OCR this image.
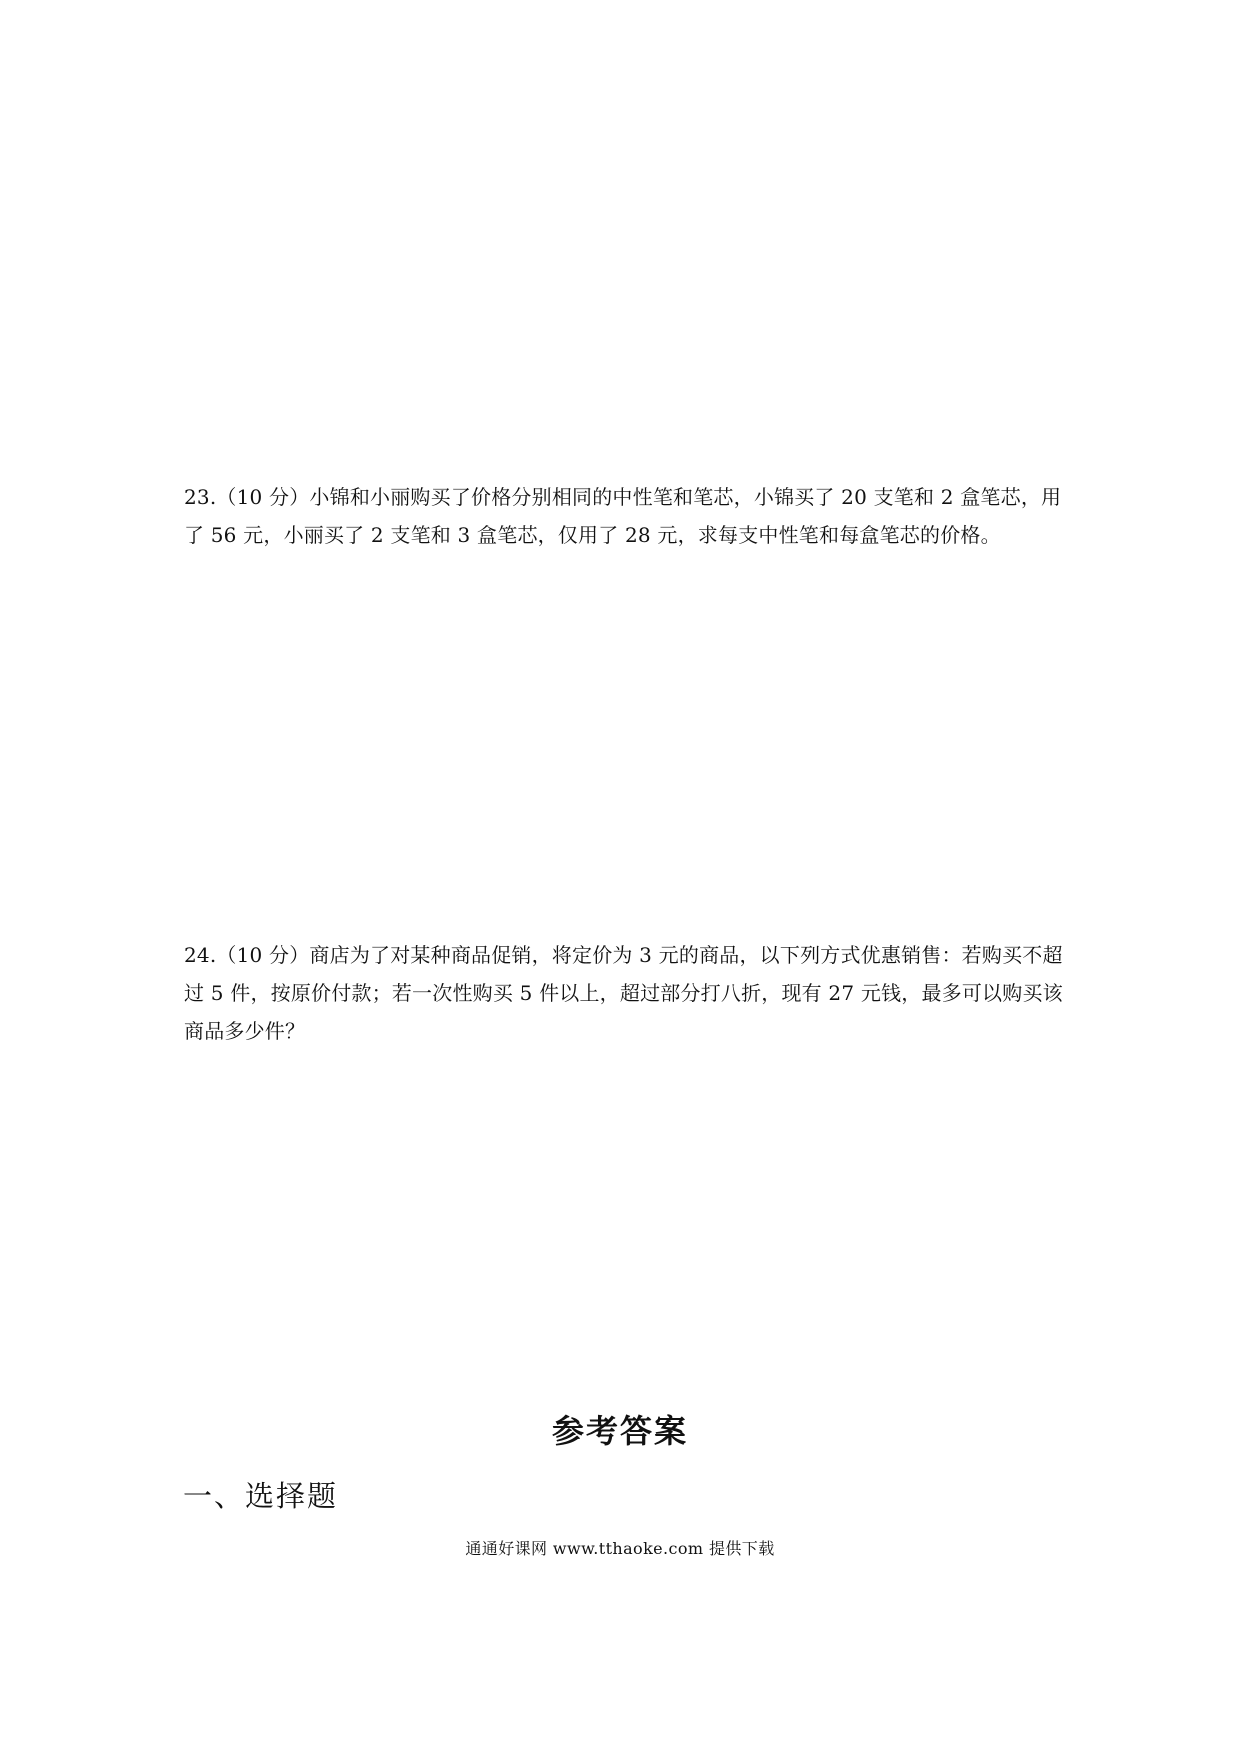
23.（10 分）小锦和小丽购买了价格分别相同的中性笔和笔芯，小锦买了 20 支笔和 2 盒笔芯，用了 56 元，小丽买了 2 支笔和 3 盒笔芯，仅用了 28 元，求每支中性笔和每盒笔芯的价格。
24.（10 分）商店为了对某种商品促销，将定价为 3 元的商品，以下列方式优惠销售：若购买不超过 5 件，按原价付款；若一次性购买 5 件以上，超过部分打八折，现有 27 元钱，最多可以购买该商品多少件？
参考答案
一、选择题
通通好课网 www.tthaoke.com 提供下载
